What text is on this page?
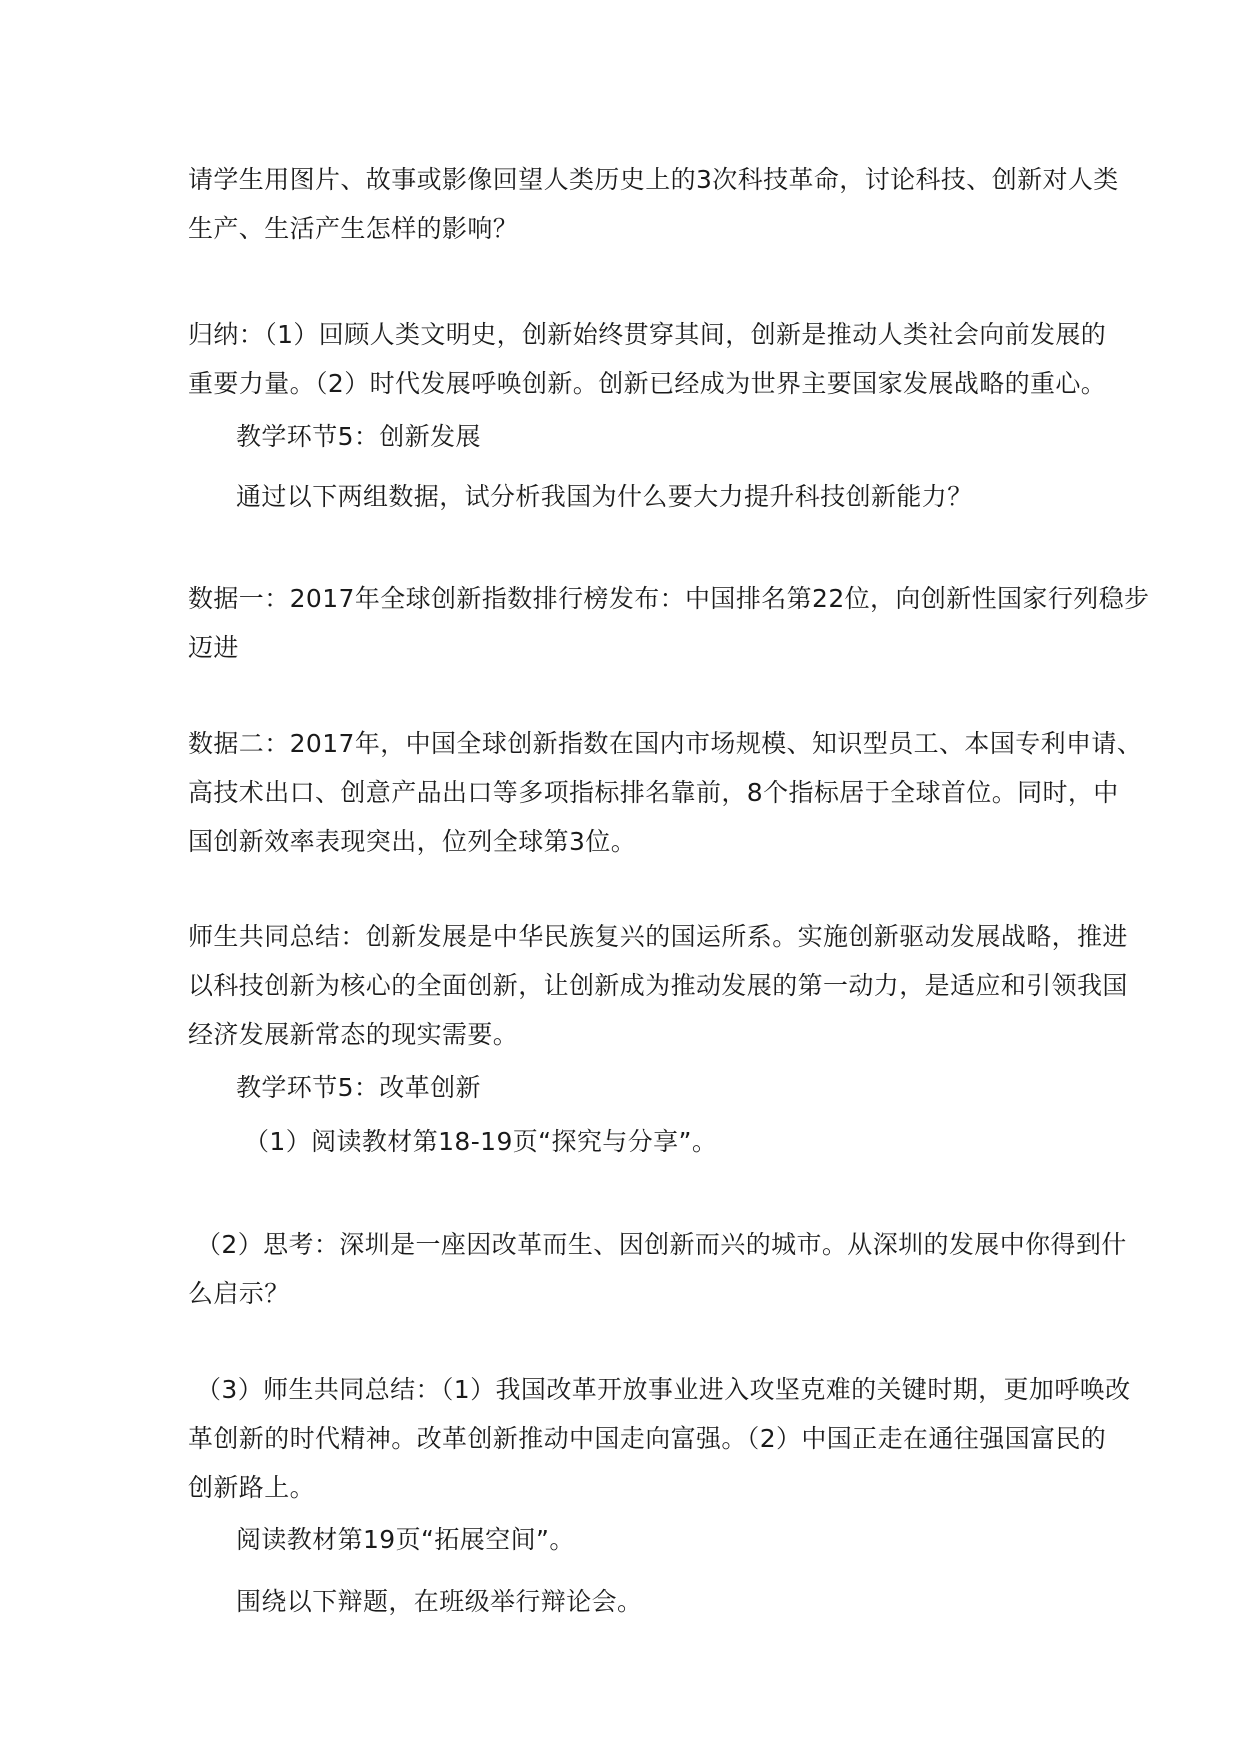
请学生用图片、故事或影像回望人类历史上的3次科技革命，讨论科技、创新对人类
生产、生活产生怎样的影响？
归纳：（1）回顾人类文明史，创新始终贯穿其间，创新是推动人类社会向前发展的
重要力量。（2）时代发展呼唤创新。创新已经成为世界主要国家发展战略的重心。
教学环节5：创新发展
通过以下两组数据，试分析我国为什么要大力提升科技创新能力？
数据一：2017年全球创新指数排行榜发布：中国排名第22位，向创新性国家行列稳步
迈进
数据二：2017年，中国全球创新指数在国内市场规模、知识型员工、本国专利申请、
高技术出口、创意产品出口等多项指标排名靠前，8个指标居于全球首位。同时，中
国创新效率表现突出，位列全球第3位。
师生共同总结：创新发展是中华民族复兴的国运所系。实施创新驱动发展战略，推进
以科技创新为核心的全面创新，让创新成为推动发展的第一动力，是适应和引领我国
经济发展新常态的现实需要。
教学环节5：改革创新
（1）阅读教材第18-19页“探究与分享”。
（2）思考：深圳是一座因改革而生、因创新而兴的城市。从深圳的发展中你得到什
么启示？
（3）师生共同总结：（1）我国改革开放事业进入攻坚克难的关键时期，更加呼唤改
革创新的时代精神。改革创新推动中国走向富强。（2）中国正走在通往强国富民的
创新路上。
阅读教材第19页“拓展空间”。
围绕以下辩题，在班级举行辩论会。
